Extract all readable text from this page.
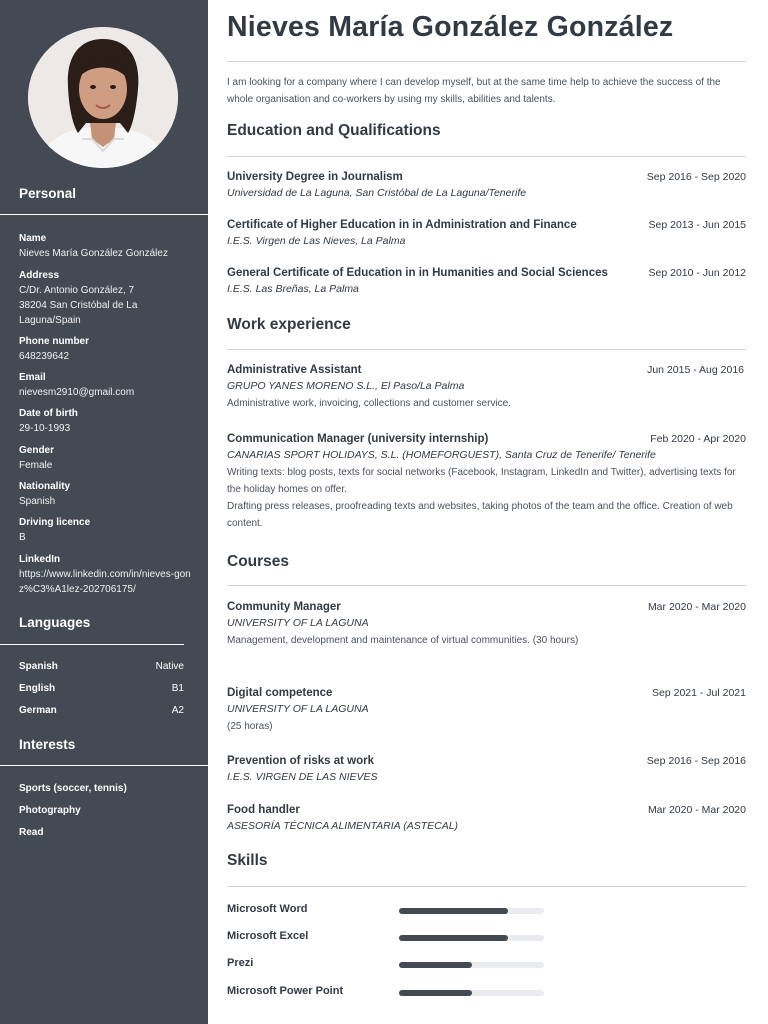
Personal
Name
Nieves María González González
Address
C/Dr. Antonio González, 7 38204 San Cristóbal de La Laguna/Spain
Phone number
648239642
Email
nievesm2910@gmail.com
Date of birth
29-10-1993
Gender
Female
Nationality
Spanish
Driving licence
B
LinkedIn
https://www.linkedin.com/in/nieves-gonz%C3%A1lez-202706175/
Languages
Spanish	Native
English	B1
German	A2
Interests
Sports (soccer, tennis)
Photography
Read
Nieves María González González
I am looking for a company where I can develop myself, but at the same time help to achieve the success of the whole organisation and co-workers by using my skills, abilities and talents.
Education and Qualifications
University Degree in Journalism	Sep 2016 - Sep 2020
Universidad de La Laguna, San Cristóbal de La Laguna/Tenerife
Certificate of Higher Education in in Administration and Finance	Sep 2013 - Jun 2015
I.E.S. Virgen de Las Nieves, La Palma
General Certificate of Education in in Humanities and Social Sciences	Sep 2010 - Jun 2012
I.E.S. Las Breñas, La Palma
Work experience
Administrative Assistant	Jun 2015 - Aug 2016
GRUPO YANES MORENO S.L., El Paso/La Palma
Administrative work, invoicing, collections and customer service.
Communication Manager (university internship)	Feb 2020 - Apr 2020
CANARIAS SPORT HOLIDAYS, S.L. (HOMEFORGUEST), Santa Cruz de Tenerife/ Tenerife
Writing texts: blog posts, texts for social networks (Facebook, Instagram, LinkedIn and Twitter), advertising texts for the holiday homes on offer.
Drafting press releases, proofreading texts and websites, taking photos of the team and the office. Creation of web content.
Courses
Community Manager	Mar 2020 - Mar 2020
UNIVERSITY OF LA LAGUNA
Management, development and maintenance of virtual communities. (30 hours)
Digital competence	Sep 2021 - Jul 2021
UNIVERSITY OF LA LAGUNA
(25 horas)
Prevention of risks at work	Sep 2016 - Sep 2016
I.E.S. VIRGEN DE LAS NIEVES
Food handler	Mar 2020 - Mar 2020
ASESORÍA TÉCNICA ALIMENTARIA (ASTECAL)
Skills
Microsoft Word
Microsoft Excel
Prezi
Microsoft Power Point
